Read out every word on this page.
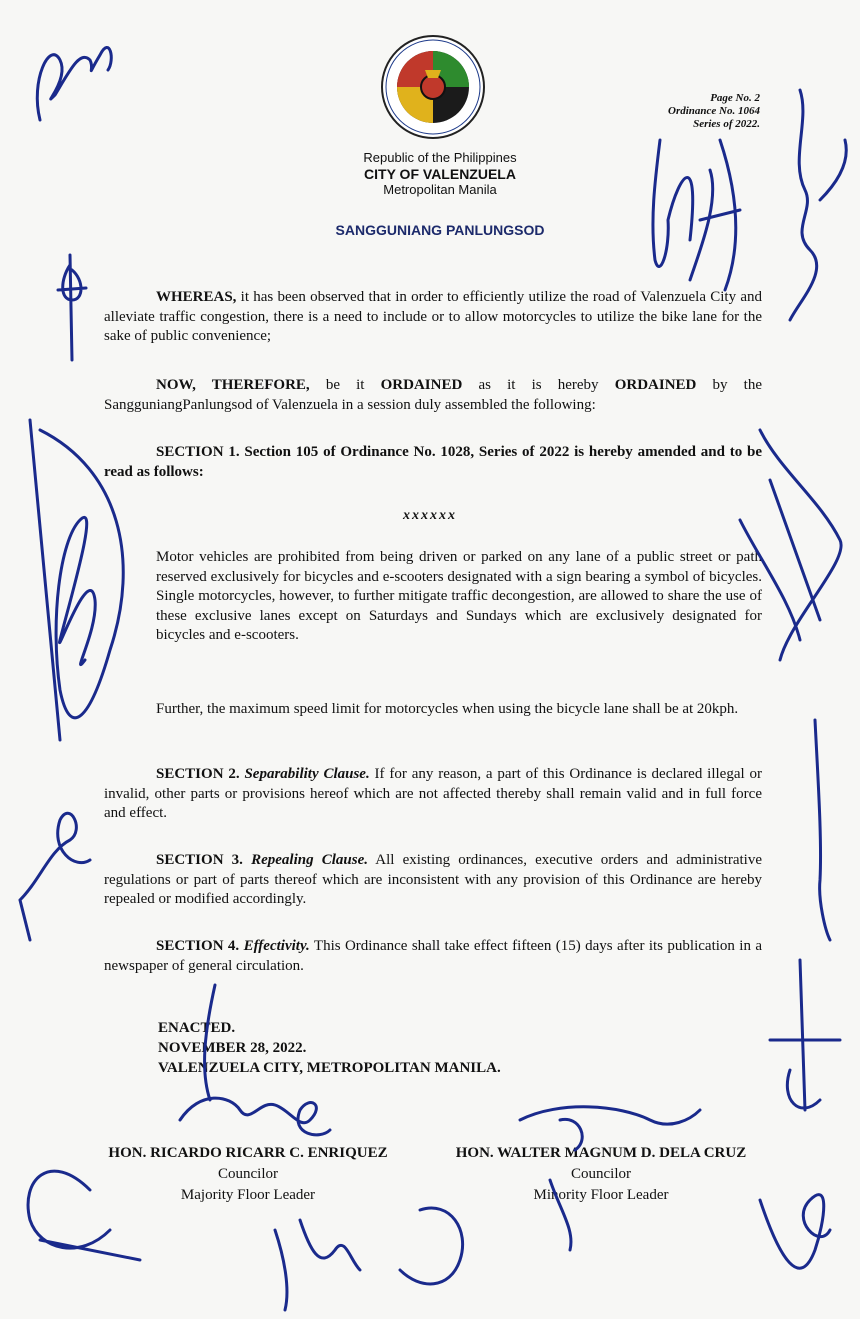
Page No. 2
Ordinance No. 1064
Series of 2022.
Republic of the Philippines
CITY OF VALENZUELA
Metropolitan Manila
SANGGUNIANG PANLUNGSOD
WHEREAS, it has been observed that in order to efficiently utilize the road of Valenzuela City and alleviate traffic congestion, there is a need to include or to allow motorcycles to utilize the bike lane for the sake of public convenience;
NOW, THEREFORE, be it ORDAINED as it is hereby ORDAINED by the SangguniangPanlungsod of Valenzuela in a session duly assembled the following:
SECTION 1. Section 105 of Ordinance No. 1028, Series of 2022 is hereby amended and to be read as follows:
xxxxxx
Motor vehicles are prohibited from being driven or parked on any lane of a public street or path reserved exclusively for bicycles and e-scooters designated with a sign bearing a symbol of bicycles. Single motorcycles, however, to further mitigate traffic decongestion, are allowed to share the use of these exclusive lanes except on Saturdays and Sundays which are exclusively designated for bicycles and e-scooters.
Further, the maximum speed limit for motorcycles when using the bicycle lane shall be at 20kph.
SECTION 2. Separability Clause. If for any reason, a part of this Ordinance is declared illegal or invalid, other parts or provisions hereof which are not affected thereby shall remain valid and in full force and effect.
SECTION 3. Repealing Clause. All existing ordinances, executive orders and administrative regulations or part of parts thereof which are inconsistent with any provision of this Ordinance are hereby repealed or modified accordingly.
SECTION 4. Effectivity. This Ordinance shall take effect fifteen (15) days after its publication in a newspaper of general circulation.
ENACTED.
NOVEMBER 28, 2022.
VALENZUELA CITY, METROPOLITAN MANILA.
HON. RICARDO RICARR C. ENRIQUEZ
Councilor
Majority Floor Leader
HON. WALTER MAGNUM D. DELA CRUZ
Councilor
Minority Floor Leader
